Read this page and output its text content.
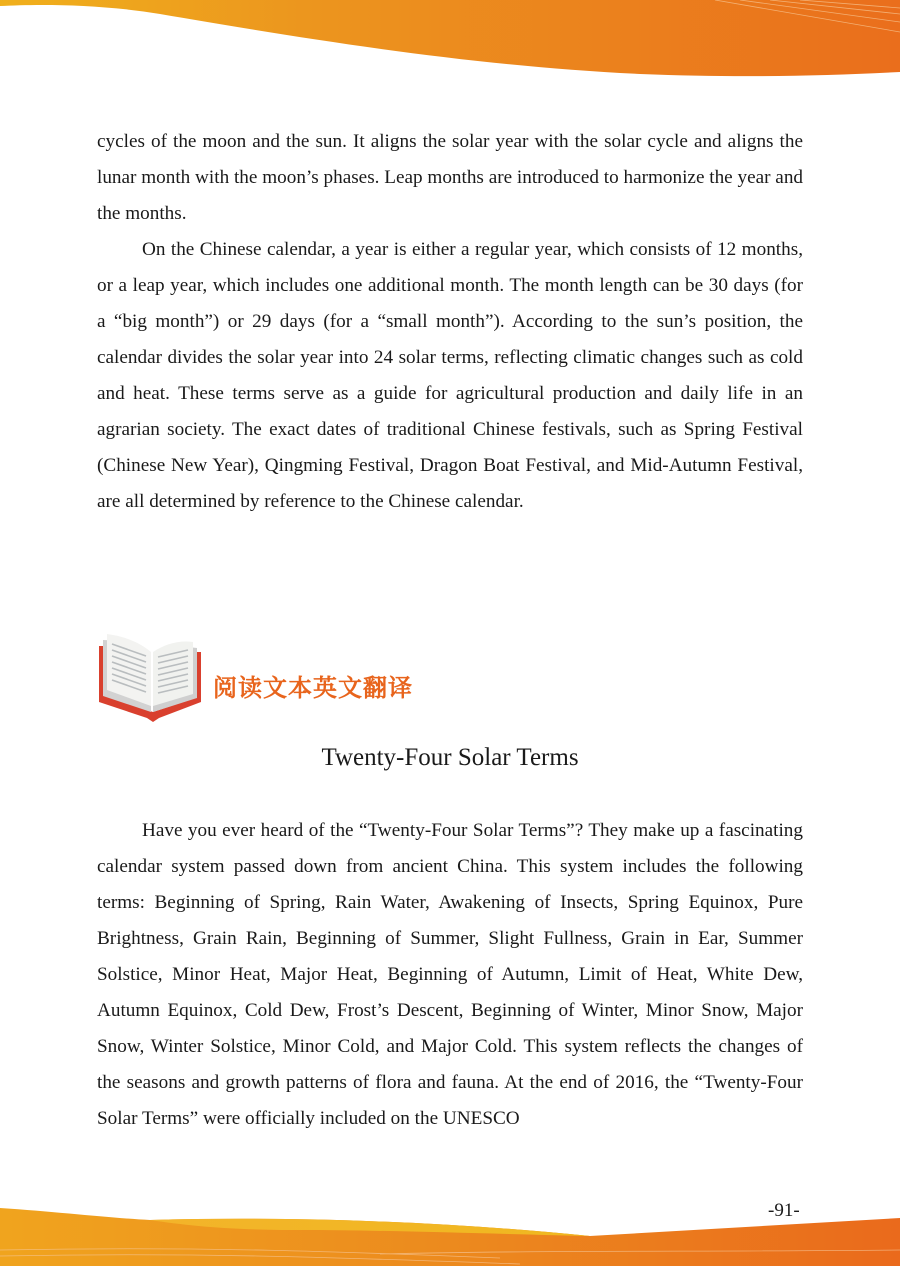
cycles of the moon and the sun. It aligns the solar year with the solar cycle and aligns the lunar month with the moon’s phases. Leap months are introduced to harmonize the year and the months.

On the Chinese calendar, a year is either a regular year, which consists of 12 months, or a leap year, which includes one additional month. The month length can be 30 days (for a “big month”) or 29 days (for a “small month”). According to the sun’s position, the calendar divides the solar year into 24 solar terms, reflecting climatic changes such as cold and heat. These terms serve as a guide for agricultural production and daily life in an agrarian society. The exact dates of traditional Chinese festivals, such as Spring Festival (Chinese New Year), Qingming Festival, Dragon Boat Festival, and Mid-Autumn Festival, are all determined by reference to the Chinese calendar.

阅读文本英文翻译
Twenty-Four Solar Terms

Have you ever heard of the “Twenty-Four Solar Terms”? They make up a fascinating calendar system passed down from ancient China. This system includes the following terms: Beginning of Spring, Rain Water, Awakening of Insects, Spring Equinox, Pure Brightness, Grain Rain, Beginning of Summer, Slight Fullness, Grain in Ear, Summer Solstice, Minor Heat, Major Heat, Beginning of Autumn, Limit of Heat, White Dew, Autumn Equinox, Cold Dew, Frost’s Descent, Beginning of Winter, Minor Snow, Major Snow, Winter Solstice, Minor Cold, and Major Cold. This system reflects the changes of the seasons and growth patterns of flora and fauna. At the end of 2016, the “Twenty-Four Solar Terms” were officially included on the UNESCO

-91-
